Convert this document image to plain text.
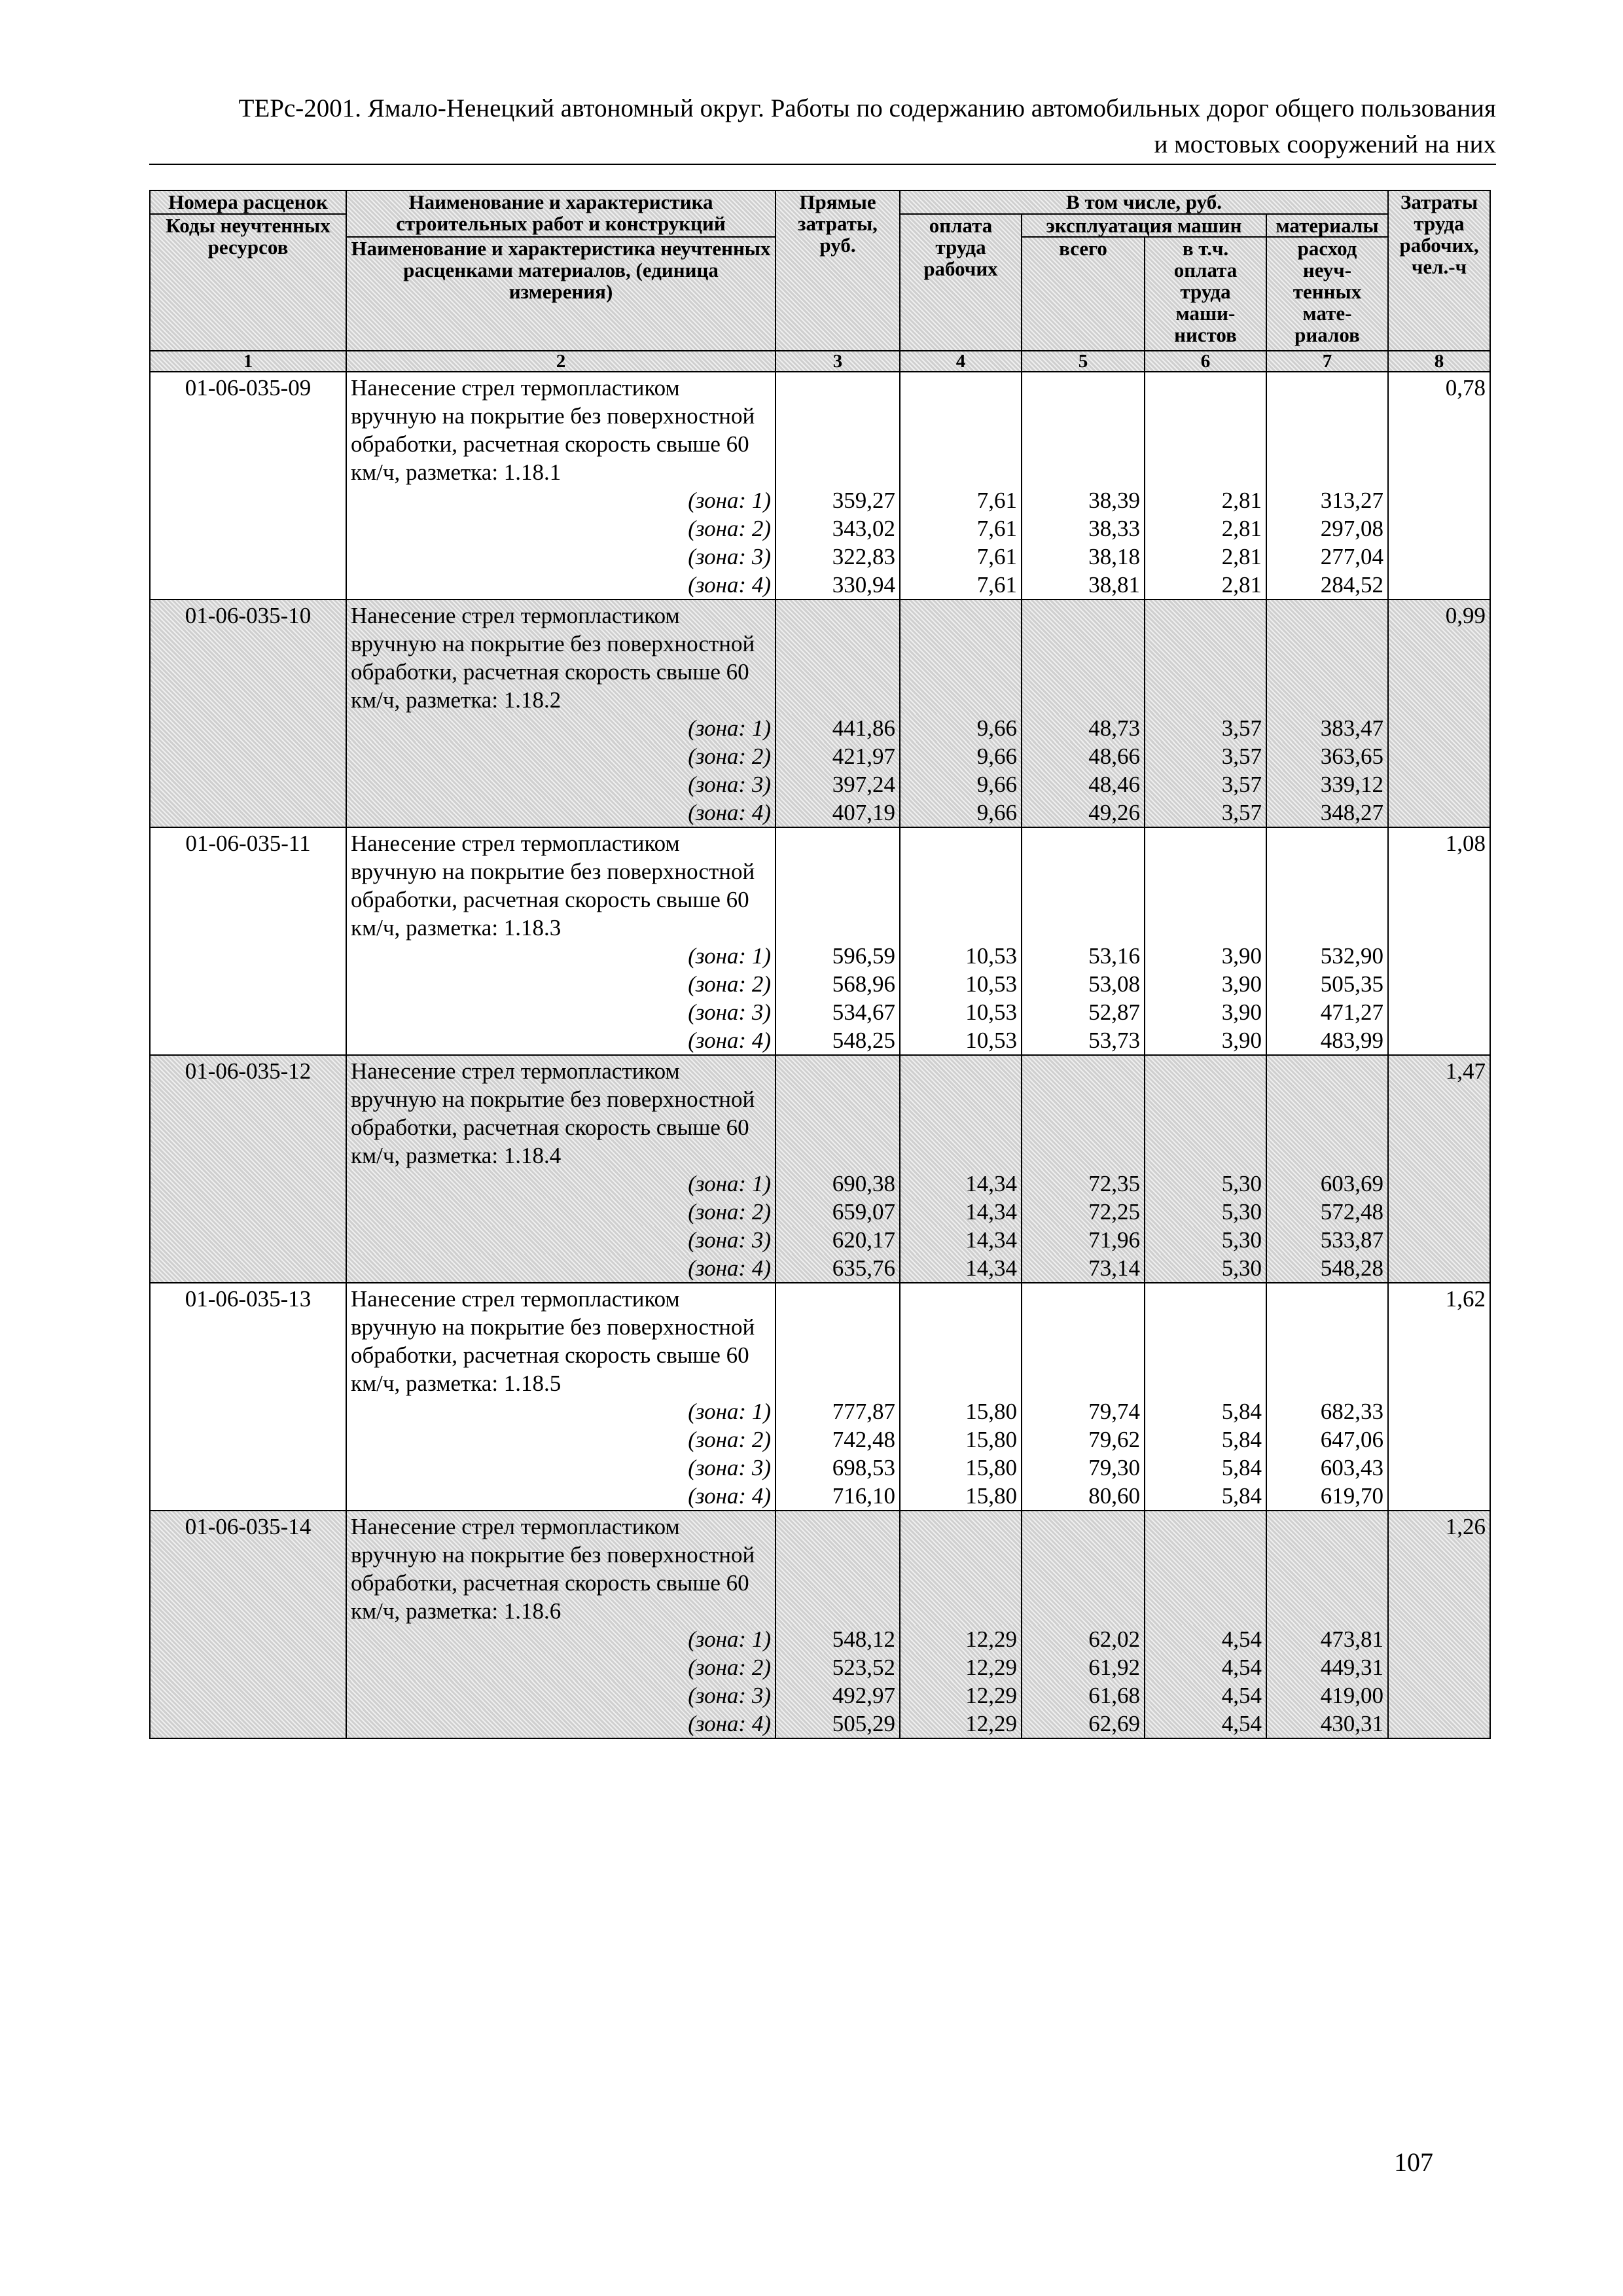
ТЕРс-2001. Ямало-Ненецкий автономный округ. Работы по содержанию автомобильных дорог общего пользования
и мостовых сооружений на них
Номера расценок	Наименование и характеристика строительных работ и конструкций	Прямые затраты, руб.	В том числе, руб.				Затраты труда рабочих, чел.-ч
Коды неучтенных ресурсов			оплата труда рабочих	эксплуатация машин		материалы	
	Наименование и характеристика неучтенных расценками материалов, (единица измерения)			всего	в т.ч. оплата труда маши- нистов	расход неуч- тенных мате- риалов	

1	2	3	4	5	6	7	8
01-06-035-09	Нанесение стрел термопластиком вручную на покрытие без поверхностной обработки, расчетная скорость свыше 60 км/ч, разметка: 1.18.1						0,78
	(зона: 1)	359,27	7,61	38,39	2,81	313,27	
	(зона: 2)	343,02	7,61	38,33	2,81	297,08	
	(зона: 3)	322,83	7,61	38,18	2,81	277,04	
	(зона: 4)	330,94	7,61	38,81	2,81	284,52	
01-06-035-10	Нанесение стрел термопластиком вручную на покрытие без поверхностной обработки, расчетная скорость свыше 60 км/ч, разметка: 1.18.2						0,99
	(зона: 1)	441,86	9,66	48,73	3,57	383,47	
	(зона: 2)	421,97	9,66	48,66	3,57	363,65	
	(зона: 3)	397,24	9,66	48,46	3,57	339,12	
	(зона: 4)	407,19	9,66	49,26	3,57	348,27	
01-06-035-11	Нанесение стрел термопластиком вручную на покрытие без поверхностной обработки, расчетная скорость свыше 60 км/ч, разметка: 1.18.3						1,08
	(зона: 1)	596,59	10,53	53,16	3,90	532,90	
	(зона: 2)	568,96	10,53	53,08	3,90	505,35	
	(зона: 3)	534,67	10,53	52,87	3,90	471,27	
	(зона: 4)	548,25	10,53	53,73	3,90	483,99	
01-06-035-12	Нанесение стрел термопластиком вручную на покрытие без поверхностной обработки, расчетная скорость свыше 60 км/ч, разметка: 1.18.4						1,47
	(зона: 1)	690,38	14,34	72,35	5,30	603,69	
	(зона: 2)	659,07	14,34	72,25	5,30	572,48	
	(зона: 3)	620,17	14,34	71,96	5,30	533,87	
	(зона: 4)	635,76	14,34	73,14	5,30	548,28	
01-06-035-13	Нанесение стрел термопластиком вручную на покрытие без поверхностной обработки, расчетная скорость свыше 60 км/ч, разметка: 1.18.5						1,62
	(зона: 1)	777,87	15,80	79,74	5,84	682,33	
	(зона: 2)	742,48	15,80	79,62	5,84	647,06	
	(зона: 3)	698,53	15,80	79,30	5,84	603,43	
	(зона: 4)	716,10	15,80	80,60	5,84	619,70	
01-06-035-14	Нанесение стрел термопластиком вручную на покрытие без поверхностной обработки, расчетная скорость свыше 60 км/ч, разметка: 1.18.6						1,26
	(зона: 1)	548,12	12,29	62,02	4,54	473,81	
	(зона: 2)	523,52	12,29	61,92	4,54	449,31	
	(зона: 3)	492,97	12,29	61,68	4,54	419,00	
	(зона: 4)	505,29	12,29	62,69	4,54	430,31	
107
